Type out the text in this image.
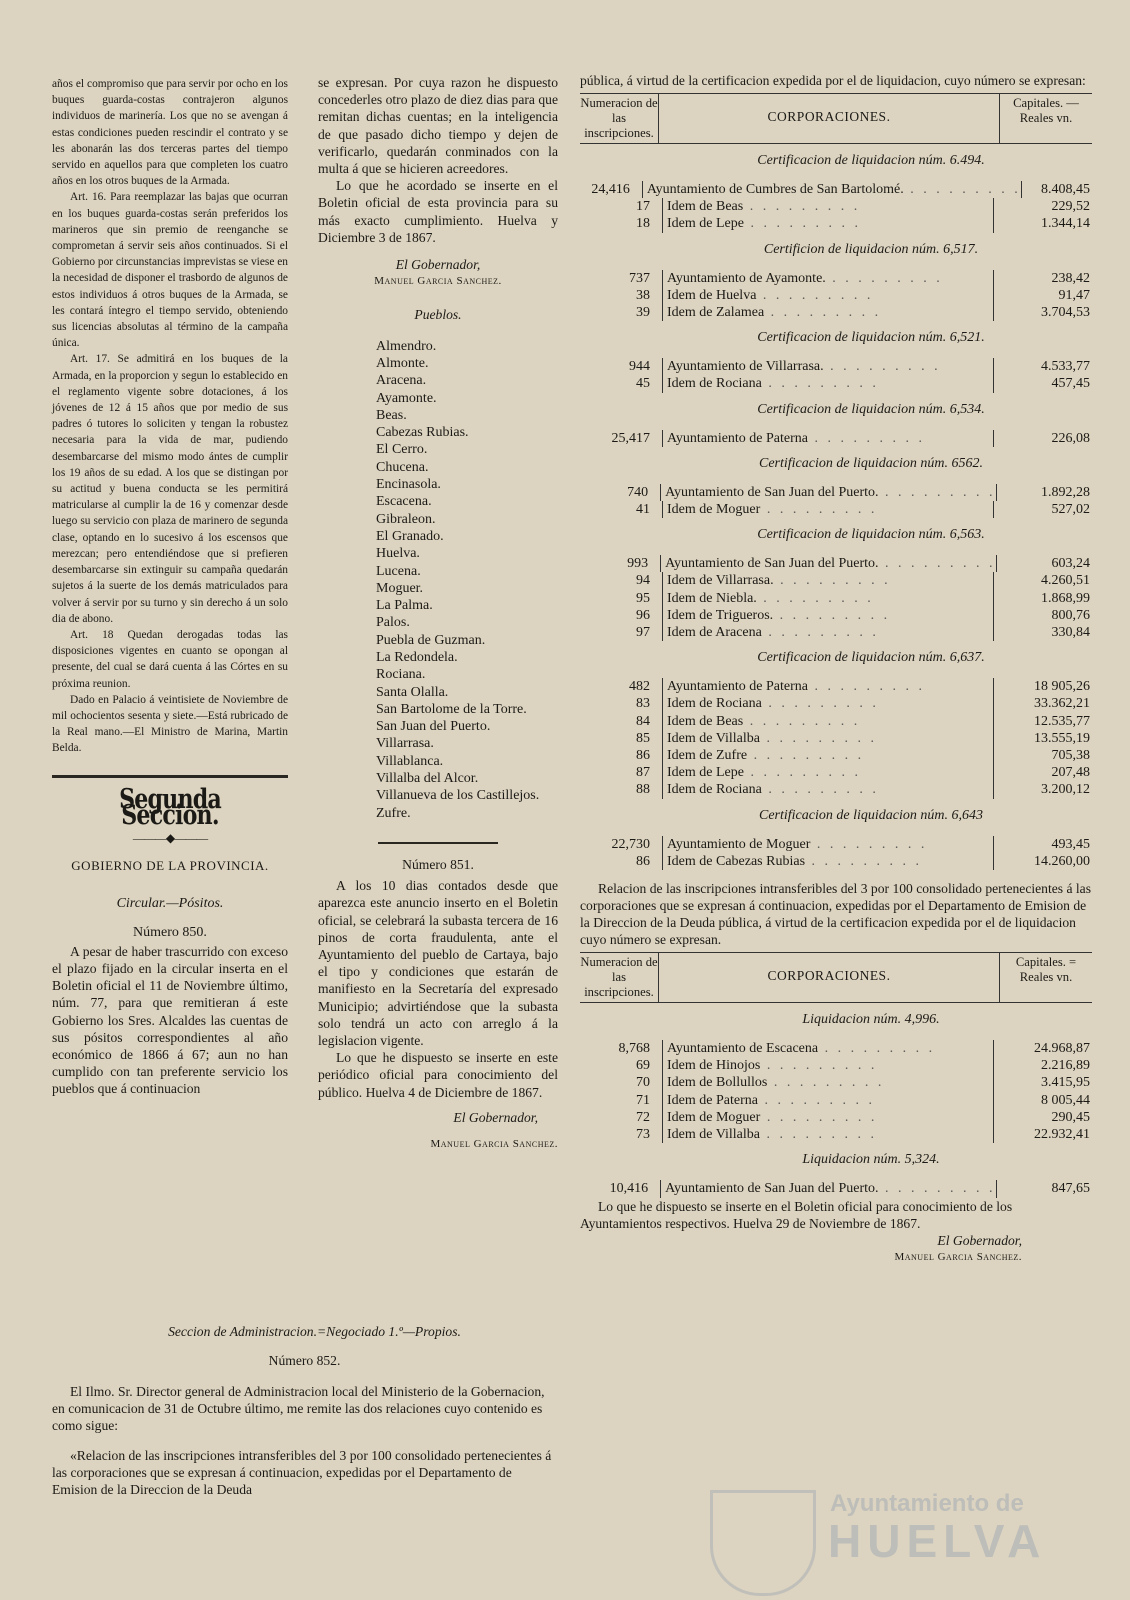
años el compromiso que para servir por ocho en los buques guarda-costas contrajeron algunos individuos de marinería. Los que no se avengan á estas condiciones pueden rescindir el contrato y se les abonarán las dos terceras partes del tiempo servido en aquellos para que completen los cuatro años en los otros buques de la Armada.

Art. 16. Para reemplazar las bajas que ocurran en los buques guarda-costas serán preferidos los marineros que sin premio de reenganche se comprometan á servir seis años continuados. Si el Gobierno por circunstancias imprevistas se viese en la necesidad de disponer el trasbordo de algunos de estos individuos á otros buques de la Armada, se les contará íntegro el tiempo servido, obteniendo sus licencias absolutas al término de la campaña única.

Art. 17. Se admitirá en los buques de la Armada, en la proporcion y segun lo establecido en el reglamento vigente sobre dotaciones, á los jóvenes de 12 á 15 años que por medio de sus padres ó tutores lo soliciten y tengan la robustez necesaria para la vida de mar, pudiendo desembarcarse del mismo modo ántes de cumplir los 19 años de su edad. A los que se distingan por su actitud y buena conducta se les permitirá matricularse al cumplir la de 16 y comenzar desde luego su servicio con plaza de marinero de segunda clase, optando en lo sucesivo á los escensos que merezcan; pero entendiéndose que si prefieren desembarcarse sin extinguir su campaña quedarán sujetos á la suerte de los demás matriculados para volver á servir por su turno y sin derecho á un solo dia de abono.

Art. 18 Quedan derogadas todas las disposiciones vigentes en cuanto se opongan al presente, del cual se dará cuenta á las Córtes en su próxima reunion.

Dado en Palacio á veintisiete de Noviembre de mil ochocientos sesenta y siete.—Está rubricado de la Real mano.—El Ministro de Marina, Martin Belda.

Segunda Seccion.
———◆———
GOBIERNO DE LA PROVINCIA.
Circular.—Pósitos.
Número 850.

A pesar de haber trascurrido con exceso el plazo fijado en la circular inserta en el Boletin oficial el 11 de Noviembre último, núm. 77, para que remitieran á este Gobierno los Sres. Alcaldes las cuentas de sus pósitos correspondientes al año económico de 1866 á 67; aun no han cumplido con tan preferente servicio los pueblos que á continuacion

se expresan. Por cuya razon he dispuesto concederles otro plazo de diez dias para que remitan dichas cuentas; en la inteligencia de que pasado dicho tiempo y dejen de verificarlo, quedarán conminados con la multa á que se hicieren acreedores.

Lo que he acordado se inserte en el Boletin oficial de esta provincia para su más exacto cumplimiento. Huelva y Diciembre 3 de 1867.

El Gobernador,
Manuel Garcia Sanchez.
Pueblos.
Almendro.
Almonte.
Aracena.
Ayamonte.
Beas.
Cabezas Rubias.
El Cerro.
Chucena.
Encinasola.
Escacena.
Gibraleon.
El Granado.
Huelva.
Lucena.
Moguer.
La Palma.
Palos.
Puebla de Guzman.
La Redondela.
Rociana.
Santa Olalla.
San Bartolome de la Torre.
San Juan del Puerto.
Villarrasa.
Villablanca.
Villalba del Alcor.
Villanueva de los Castillejos.
Zufre.
Número 851.

A los 10 dias contados desde que aparezca este anuncio inserto en el Boletin oficial, se celebrará la subasta tercera de 16 pinos de corta fraudulenta, ante el Ayuntamiento del pueblo de Cartaya, bajo el tipo y condiciones que estarán de manifiesto en la Secretaría del expresado Municipio; advirtiéndose que la subasta solo tendrá un acto con arreglo á la legislacion vigente.

Lo que he dispuesto se inserte en este periódico oficial para conocimiento del público. Huelva 4 de Diciembre de 1867.

El Gobernador,
Manuel Garcia Sanchez.
Seccion de Administracion.=Negociado 1.º—Propios.
Número 852.

El Ilmo. Sr. Director general de Administracion local del Ministerio de la Gobernacion, en comunicacion de 31 de Octubre último, me remite las dos relaciones cuyo contenido es como sigue:

«Relacion de las inscripciones intransferibles del 3 por 100 consolidado pertenecientes á las corporaciones que se expresan á continuacion, expedidas por el Departamento de Emision de la Direccion de la Deuda

pública, á virtud de la certificacion expedida por el de liquidacion, cuyo número se expresan:

Numeracion de las inscripciones.
CORPORACIONES.
Capitales. — Reales vn.
Certificacion de liquidacion núm. 6.494.
24,416	Ayuntamiento de Cumbres de San Bartolomé. . . . . . . . . .	8.408,45
17	Idem de Beas . . . . . . . . .	229,52
18	Idem de Lepe . . . . . . . . .	1.344,14
Certificion de liquidacion núm. 6,517.
737	Ayuntamiento de Ayamonte. . . . . . . . . .	238,42
38	Idem de Huelva . . . . . . . . .	91,47
39	Idem de Zalamea . . . . . . . . .	3.704,53
Certificacion de liquidacion núm. 6,521.
944	Ayuntamiento de Villarrasa. . . . . . . . . .	4.533,77
45	Idem de Rociana . . . . . . . . .	457,45
Certificacion de liquidacion núm. 6,534.
25,417	Ayuntamiento de Paterna . . . . . . . . .	226,08
Certificacion de liquidacion núm. 6562.
740	Ayuntamiento de San Juan del Puerto. . . . . . . . . .	1.892,28
41	Idem de Moguer . . . . . . . . .	527,02
Certificacion de liquidacion núm. 6,563.
993	Ayuntamiento de San Juan del Puerto. . . . . . . . . .	603,24
94	Idem de Villarrasa. . . . . . . . . .	4.260,51
95	Idem de Niebla. . . . . . . . . .	1.868,99
96	Idem de Trigueros. . . . . . . . . .	800,76
97	Idem de Aracena . . . . . . . . .	330,84
Certificacion de liquidacion núm. 6,637.
482	Ayuntamiento de Paterna . . . . . . . . .	18 905,26
83	Idem de Rociana . . . . . . . . .	33.362,21
84	Idem de Beas . . . . . . . . .	12.535,77
85	Idem de Villalba . . . . . . . . .	13.555,19
86	Idem de Zufre . . . . . . . . .	705,38
87	Idem de Lepe . . . . . . . . .	207,48
88	Idem de Rociana . . . . . . . . .	3.200,12
Certificacion de liquidacion núm. 6,643
22,730	Ayuntamiento de Moguer . . . . . . . . .	493,45
86	Idem de Cabezas Rubias . . . . . . . . .	14.260,00

Relacion de las inscripciones intransferibles del 3 por 100 consolidado pertenecientes á las corporaciones que se expresan á continuacion, expedidas por el Departamento de Emision de la Direccion de la Deuda pública, á virtud de la certificacion expedida por el de liquidacion cuyo número se expresan.

Numeracion de las inscripciones.
CORPORACIONES.
Capitales. = Reales vn.
Liquidacion núm. 4,996.
8,768	Ayuntamiento de Escacena . . . . . . . . .	24.968,87
69	Idem de Hinojos . . . . . . . . .	2.216,89
70	Idem de Bollullos . . . . . . . . .	3.415,95
71	Idem de Paterna . . . . . . . . .	8 005,44
72	Idem de Moguer . . . . . . . . .	290,45
73	Idem de Villalba . . . . . . . . .	22.932,41
Liquidacion núm. 5,324.
10,416	Ayuntamiento de San Juan del Puerto. . . . . . . . . .	847,65

Lo que he dispuesto se inserte en el Boletin oficial para conocimiento de los Ayuntamientos respectivos. Huelva 29 de Noviembre de 1867.

El Gobernador,
Manuel Garcia Sanchez.
Ayuntamiento de
HUELVA
